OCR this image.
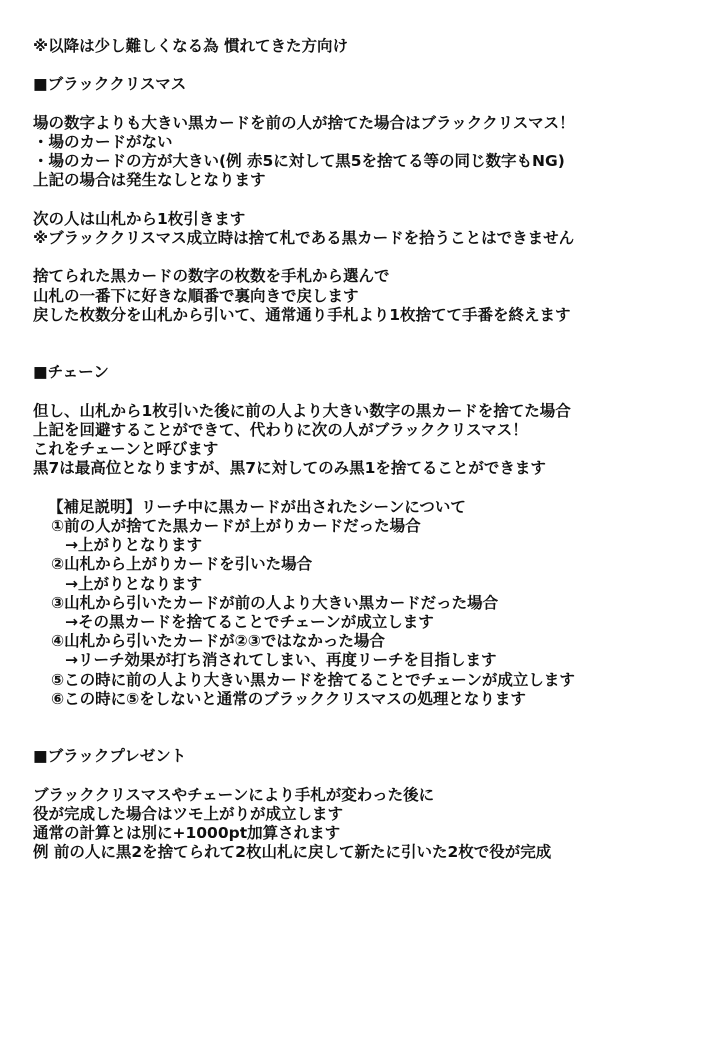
※以降は少し難しくなる為 慣れてきた方向け
■ブラッククリスマス
場の数字よりも大きい黒カードを前の人が捨てた場合はブラッククリスマス！
・場のカードがない
・場のカードの方が大きい(例 赤5に対して黒5を捨てる等の同じ数字もNG)
上記の場合は発生なしとなります
次の人は山札から1枚引きます
※ブラッククリスマス成立時は捨て札である黒カードを拾うことはできません
捨てられた黒カードの数字の枚数を手札から選んで
山札の一番下に好きな順番で裏向きで戻します
戻した枚数分を山札から引いて、通常通り手札より1枚捨てて手番を終えます
■チェーン
但し、山札から1枚引いた後に前の人より大きい数字の黒カードを捨てた場合
上記を回避することができて、代わりに次の人がブラッククリスマス！
これをチェーンと呼びます
黒7は最高位となりますが、黒7に対してのみ黒1を捨てることができます
【補足説明】リーチ中に黒カードが出されたシーンについて
①前の人が捨てた黒カードが上がりカードだった場合
→上がりとなります
②山札から上がりカードを引いた場合
→上がりとなります
③山札から引いたカードが前の人より大きい黒カードだった場合
→その黒カードを捨てることでチェーンが成立します
④山札から引いたカードが②③ではなかった場合
→リーチ効果が打ち消されてしまい、再度リーチを目指します
⑤この時に前の人より大きい黒カードを捨てることでチェーンが成立します
⑥この時に⑤をしないと通常のブラッククリスマスの処理となります
■ブラックプレゼント
ブラッククリスマスやチェーンにより手札が変わった後に
役が完成した場合はツモ上がりが成立します
通常の計算とは別に+1000pt加算されます
例 前の人に黒2を捨てられて2枚山札に戻して新たに引いた2枚で役が完成
